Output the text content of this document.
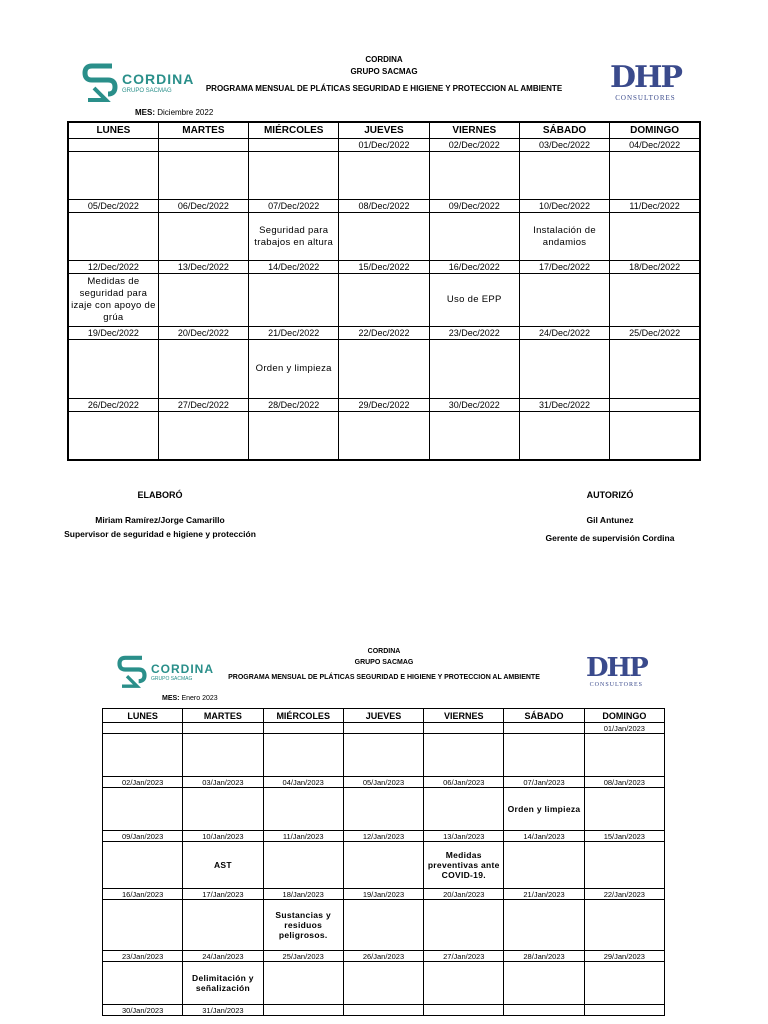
CORDINA
GRUPO SACMAG
PROGRAMA MENSUAL DE PLÁTICAS SEGURIDAD E HIGIENE Y PROTECCION AL AMBIENTE
CORDINA
GRUPO SACMAG	DHP
CONSULTORES
MES: Diciembre 2022
LUNES	MARTES	MIÉRCOLES	JUEVES	VIERNES	SÁBADO	DOMINGO
			01/Dec/2022	02/Dec/2022	03/Dec/2022	04/Dec/2022

05/Dec/2022	06/Dec/2022	07/Dec/2022	08/Dec/2022	09/Dec/2022	10/Dec/2022	11/Dec/2022
		Seguridad para trabajos en altura			Instalación de andamios	
12/Dec/2022	13/Dec/2022	14/Dec/2022	15/Dec/2022	16/Dec/2022	17/Dec/2022	18/Dec/2022
Medidas de seguridad para izaje con apoyo de grúa				Uso de EPP		
19/Dec/2022	20/Dec/2022	21/Dec/2022	22/Dec/2022	23/Dec/2022	24/Dec/2022	25/Dec/2022
		Orden y limpieza				
26/Dec/2022	27/Dec/2022	28/Dec/2022	29/Dec/2022	30/Dec/2022	31/Dec/2022	

ELABORÓ
Miriam Ramírez/Jorge Camarillo
Supervisor de seguridad e higiene y protección
AUTORIZÓ
Gil Antunez
Gerente de supervisión Cordina
CORDINA
GRUPO SACMAG
PROGRAMA MENSUAL DE PLÁTICAS SEGURIDAD E HIGIENE Y PROTECCION AL AMBIENTE
CORDINA
GRUPO SACMAG	DHP
CONSULTORES
MES: Enero 2023
LUNES	MARTES	MIÉRCOLES	JUEVES	VIERNES	SÁBADO	DOMINGO
						01/Jan/2023

02/Jan/2023	03/Jan/2023	04/Jan/2023	05/Jan/2023	06/Jan/2023	07/Jan/2023	08/Jan/2023
					Orden y limpieza	
09/Jan/2023	10/Jan/2023	11/Jan/2023	12/Jan/2023	13/Jan/2023	14/Jan/2023	15/Jan/2023
	AST			Medidas preventivas ante COVID-19.		
16/Jan/2023	17/Jan/2023	18/Jan/2023	19/Jan/2023	20/Jan/2023	21/Jan/2023	22/Jan/2023
		Sustancias y residuos peligrosos.				
23/Jan/2023	24/Jan/2023	25/Jan/2023	26/Jan/2023	27/Jan/2023	28/Jan/2023	29/Jan/2023
	Delimitación y señalización					
30/Jan/2023	31/Jan/2023					
